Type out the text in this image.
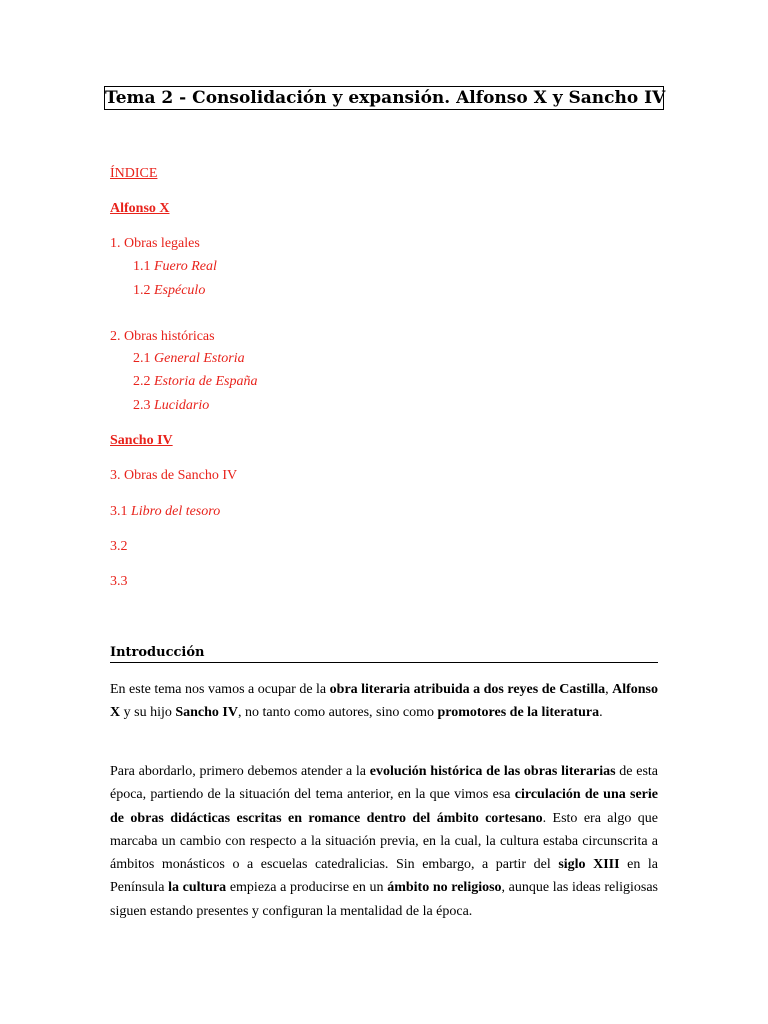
Tema 2 - Consolidación y expansión. Alfonso X y Sancho IV
ÍNDICE
Alfonso X
1. Obras legales
1.1 Fuero Real
1.2 Espéculo
2. Obras históricas
2.1 General Estoria
2.2 Estoria de España
2.3 Lucidario
Sancho IV
3. Obras de Sancho IV
3.1 Libro del tesoro
3.2
3.3
Introducción
En este tema nos vamos a ocupar de la obra literaria atribuida a dos reyes de Castilla, Alfonso X y su hijo Sancho IV, no tanto como autores, sino como promotores de la literatura.
Para abordarlo, primero debemos atender a la evolución histórica de las obras literarias de esta época, partiendo de la situación del tema anterior, en la que vimos esa circulación de una serie de obras didácticas escritas en romance dentro del ámbito cortesano. Esto era algo que marcaba un cambio con respecto a la situación previa, en la cual, la cultura estaba circunscrita a ámbitos monásticos o a escuelas catedralicias. Sin embargo, a partir del siglo XIII en la Península la cultura empieza a producirse en un ámbito no religioso, aunque las ideas religiosas siguen estando presentes y configuran la mentalidad de la época.
